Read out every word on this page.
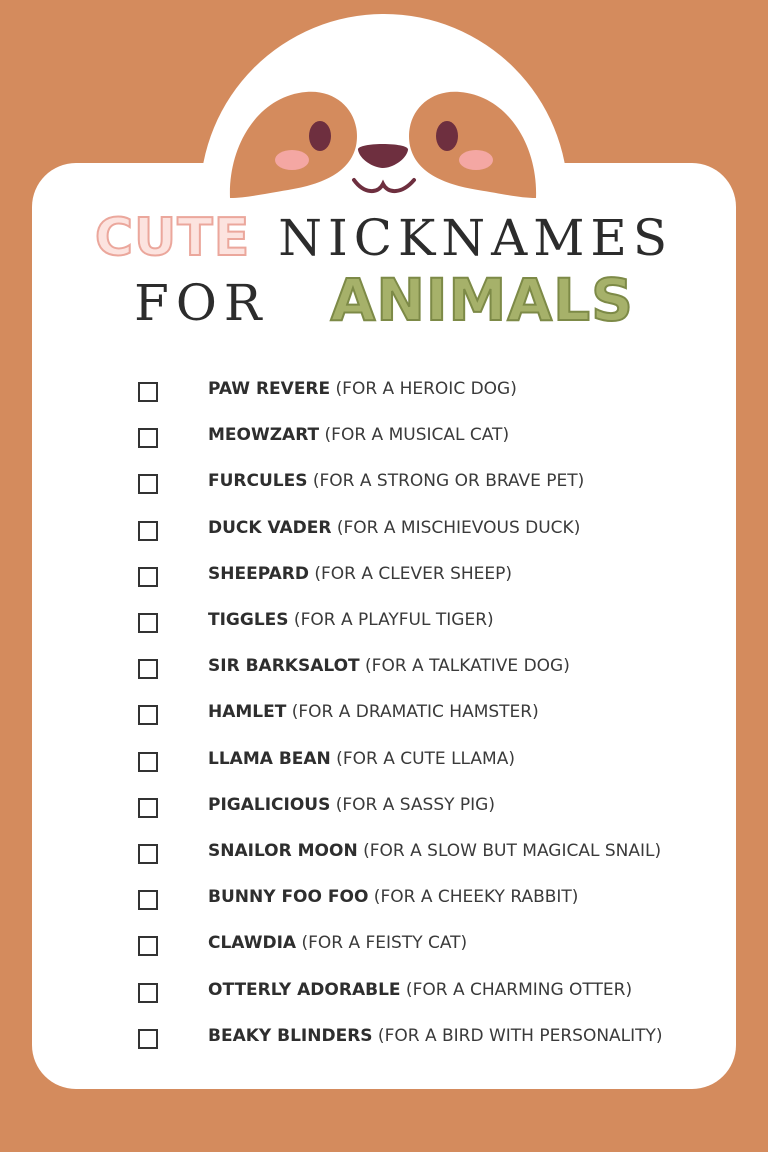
CUTE NICKNAMES
FOR ANIMALS
PAW REVERE (FOR A HEROIC DOG)
MEOWZART (FOR A MUSICAL CAT)
FURCULES (FOR A STRONG OR BRAVE PET)
DUCK VADER (FOR A MISCHIEVOUS DUCK)
SHEEPARD (FOR A CLEVER SHEEP)
TIGGLES (FOR A PLAYFUL TIGER)
SIR BARKSALOT (FOR A TALKATIVE DOG)
HAMLET (FOR A DRAMATIC HAMSTER)
LLAMA BEAN (FOR A CUTE LLAMA)
PIGALICIOUS (FOR A SASSY PIG)
SNAILOR MOON (FOR A SLOW BUT MAGICAL SNAIL)
BUNNY FOO FOO (FOR A CHEEKY RABBIT)
CLAWDIA (FOR A FEISTY CAT)
OTTERLY ADORABLE (FOR A CHARMING OTTER)
BEAKY BLINDERS (FOR A BIRD WITH PERSONALITY)
